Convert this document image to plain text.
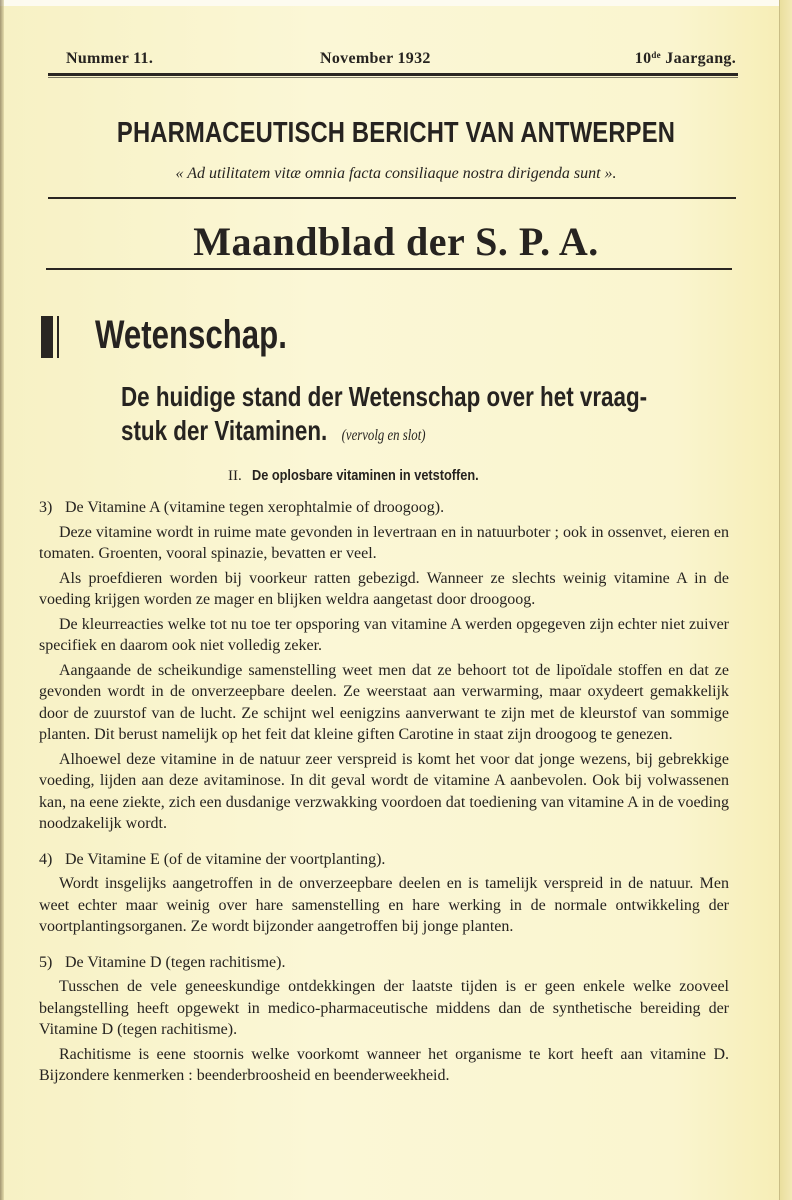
Nummer 11.	November 1932	10de Jaargang.
PHARMACEUTISCH BERICHT VAN ANTWERPEN
« Ad utilitatem vitæ omnia facta consiliaque nostra dirigenda sunt ».
Maandblad der S. P. A.
Wetenschap.
De huidige stand der Wetenschap over het vraag-
stuk der Vitaminen. (vervolg en slot)
II. De oplosbare vitaminen in vetstoffen.

3) De Vitamine A (vitamine tegen xerophtalmie of droogoog).

Deze vitamine wordt in ruime mate gevonden in levertraan en in natuurboter ; ook in ossenvet, eieren en tomaten. Groenten, vooral spinazie, bevatten er veel.

Als proefdieren worden bij voorkeur ratten gebezigd. Wanneer ze slechts weinig vitamine A in de voeding krijgen worden ze mager en blijken weldra aangetast door droogoog.

De kleurreacties welke tot nu toe ter opsporing van vitamine A werden opgegeven zijn echter niet zuiver specifiek en daarom ook niet volledig zeker.

Aangaande de scheikundige samenstelling weet men dat ze behoort tot de lipoïdale stoffen en dat ze gevonden wordt in de onverzeepbare deelen. Ze weerstaat aan verwarming, maar oxydeert gemakkelijk door de zuurstof van de lucht. Ze schijnt wel eenigzins aanverwant te zijn met de kleurstof van sommige planten. Dit berust namelijk op het feit dat kleine giften Carotine in staat zijn droogoog te genezen.

Alhoewel deze vitamine in de natuur zeer verspreid is komt het voor dat jonge wezens, bij gebrekkige voeding, lijden aan deze avitaminose. In dit geval wordt de vitamine A aanbevolen. Ook bij volwassenen kan, na eene ziekte, zich een dusdanige verzwakking voordoen dat toediening van vitamine A in de voeding noodzakelijk wordt.

4) De Vitamine E (of de vitamine der voortplanting).

Wordt insgelijks aangetroffen in de onverzeepbare deelen en is tamelijk verspreid in de natuur. Men weet echter maar weinig over hare samenstelling en hare werking in de normale ontwikkeling der voortplantingsorganen. Ze wordt bijzonder aangetroffen bij jonge planten.

5) De Vitamine D (tegen rachitisme).

Tusschen de vele geneeskundige ontdekkingen der laatste tijden is er geen enkele welke zooveel belangstelling heeft opgewekt in medico-pharmaceutische middens dan de synthetische bereiding der Vitamine D (tegen rachitisme).

Rachitisme is eene stoornis welke voorkomt wanneer het organisme te kort heeft aan vitamine D. Bijzondere kenmerken : beenderbroosheid en beenderweekheid.
